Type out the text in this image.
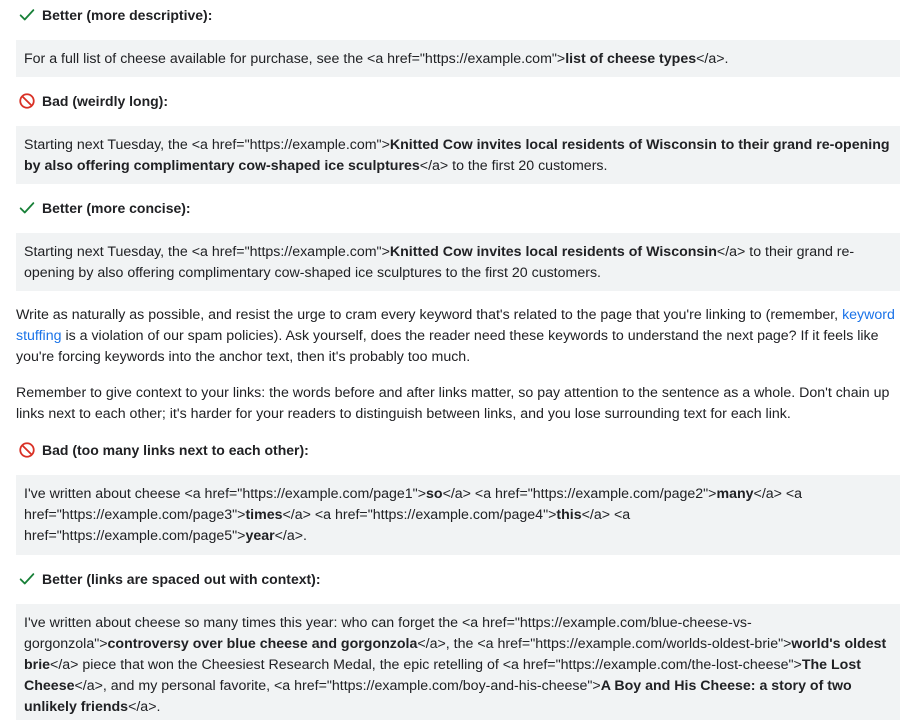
Better (more descriptive):
For a full list of cheese available for purchase, see the <a href="https://example.com">list of cheese types</a>.
Bad (weirdly long):
Starting next Tuesday, the <a href="https://example.com">Knitted Cow invites local residents of Wisconsin to their grand re-opening by also offering complimentary cow-shaped ice sculptures</a> to the first 20 customers.
Better (more concise):
Starting next Tuesday, the <a href="https://example.com">Knitted Cow invites local residents of Wisconsin</a> to their grand re-opening by also offering complimentary cow-shaped ice sculptures to the first 20 customers.
Write as naturally as possible, and resist the urge to cram every keyword that's related to the page that you're linking to (remember, keyword stuffing is a violation of our spam policies). Ask yourself, does the reader need these keywords to understand the next page? If it feels like you're forcing keywords into the anchor text, then it's probably too much.
Remember to give context to your links: the words before and after links matter, so pay attention to the sentence as a whole. Don't chain up links next to each other; it's harder for your readers to distinguish between links, and you lose surrounding text for each link.
Bad (too many links next to each other):
I've written about cheese <a href="https://example.com/page1">so</a> <a href="https://example.com/page2">many</a> <a href="https://example.com/page3">times</a> <a href="https://example.com/page4">this</a> <a href="https://example.com/page5">year</a>.
Better (links are spaced out with context):
I've written about cheese so many times this year: who can forget the <a href="https://example.com/blue-cheese-vs-gorgonzola">controversy over blue cheese and gorgonzola</a>, the <a href="https://example.com/worlds-oldest-brie">world's oldest brie</a> piece that won the Cheesiest Research Medal, the epic retelling of <a href="https://example.com/the-lost-cheese">The Lost Cheese</a>, and my personal favorite, <a href="https://example.com/boy-and-his-cheese">A Boy and His Cheese: a story of two unlikely friends</a>.
